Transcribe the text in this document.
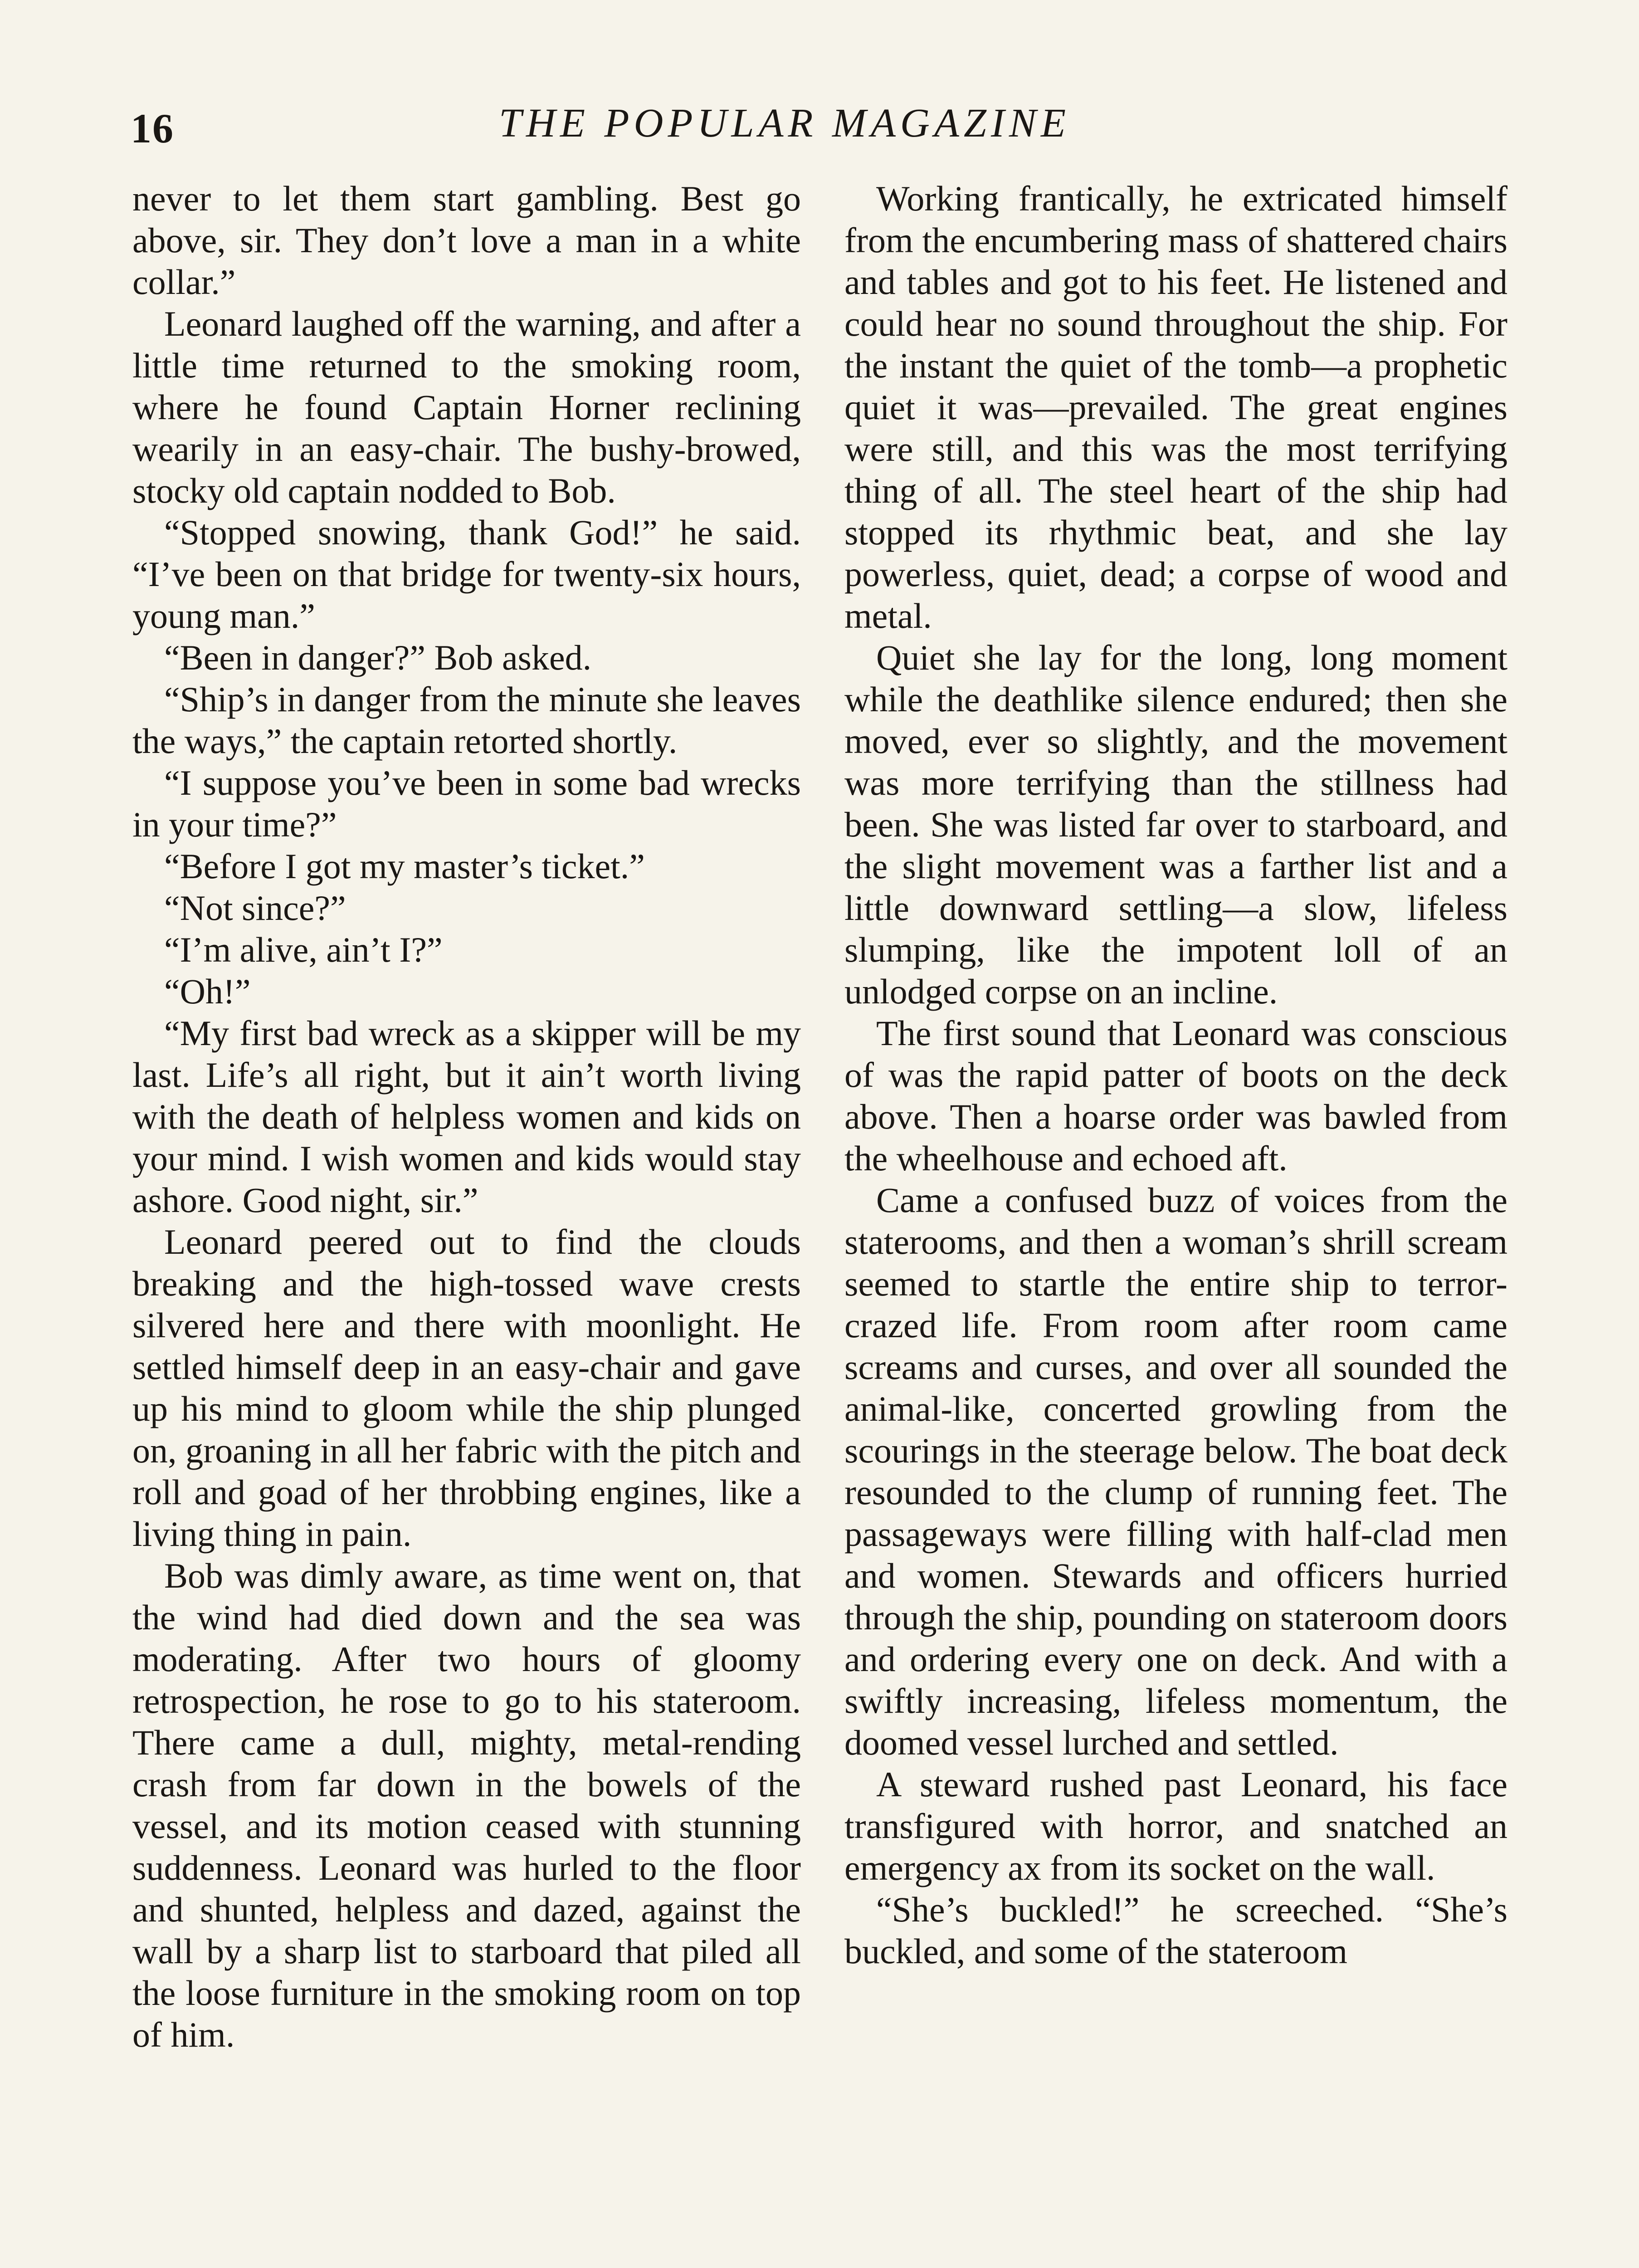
16	THE POPULAR MAGAZINE

never to let them start gambling. Best go above, sir. They don’t love a man in a white collar.”

Leonard laughed off the warning, and after a little time returned to the smoking room, where he found Captain Horner reclining wearily in an easy-chair. The bushy-browed, stocky old captain nodded to Bob.

“Stopped snowing, thank God!” he said. “I’ve been on that bridge for twenty-six hours, young man.”

“Been in danger?” Bob asked.

“Ship’s in danger from the minute she leaves the ways,” the captain retorted shortly.

“I suppose you’ve been in some bad wrecks in your time?”

“Before I got my master’s ticket.”

“Not since?”

“I’m alive, ain’t I?”

“Oh!”

“My first bad wreck as a skipper will be my last. Life’s all right, but it ain’t worth living with the death of helpless women and kids on your mind. I wish women and kids would stay ashore. Good night, sir.”

Leonard peered out to find the clouds breaking and the high-tossed wave crests silvered here and there with moonlight. He settled himself deep in an easy-chair and gave up his mind to gloom while the ship plunged on, groaning in all her fabric with the pitch and roll and goad of her throbbing engines, like a living thing in pain.

Bob was dimly aware, as time went on, that the wind had died down and the sea was moderating. After two hours of gloomy retrospection, he rose to go to his stateroom. There came a dull, mighty, metal-rending crash from far down in the bowels of the vessel, and its motion ceased with stunning suddenness. Leonard was hurled to the floor and shunted, helpless and dazed, against the wall by a sharp list to starboard that piled all the loose furniture in the smoking room on top of him.

Working frantically, he extricated himself from the encumbering mass of shattered chairs and tables and got to his feet. He listened and could hear no sound throughout the ship. For the instant the quiet of the tomb—a prophetic quiet it was—prevailed. The great engines were still, and this was the most terrifying thing of all. The steel heart of the ship had stopped its rhythmic beat, and she lay powerless, quiet, dead; a corpse of wood and metal.

Quiet she lay for the long, long moment while the deathlike silence endured; then she moved, ever so slightly, and the movement was more terrifying than the stillness had been. She was listed far over to starboard, and the slight movement was a farther list and a little downward settling—a slow, lifeless slumping, like the impotent loll of an unlodged corpse on an incline.

The first sound that Leonard was conscious of was the rapid patter of boots on the deck above. Then a hoarse order was bawled from the wheelhouse and echoed aft.

Came a confused buzz of voices from the staterooms, and then a woman’s shrill scream seemed to startle the entire ship to terror-crazed life. From room after room came screams and curses, and over all sounded the animal-like, concerted growling from the scourings in the steerage below. The boat deck resounded to the clump of running feet. The passageways were filling with half-clad men and women. Stewards and officers hurried through the ship, pounding on stateroom doors and ordering every one on deck. And with a swiftly increasing, lifeless momentum, the doomed vessel lurched and settled.

A steward rushed past Leonard, his face transfigured with horror, and snatched an emergency ax from its socket on the wall.

“She’s buckled!” he screeched. “She’s buckled, and some of the stateroom
